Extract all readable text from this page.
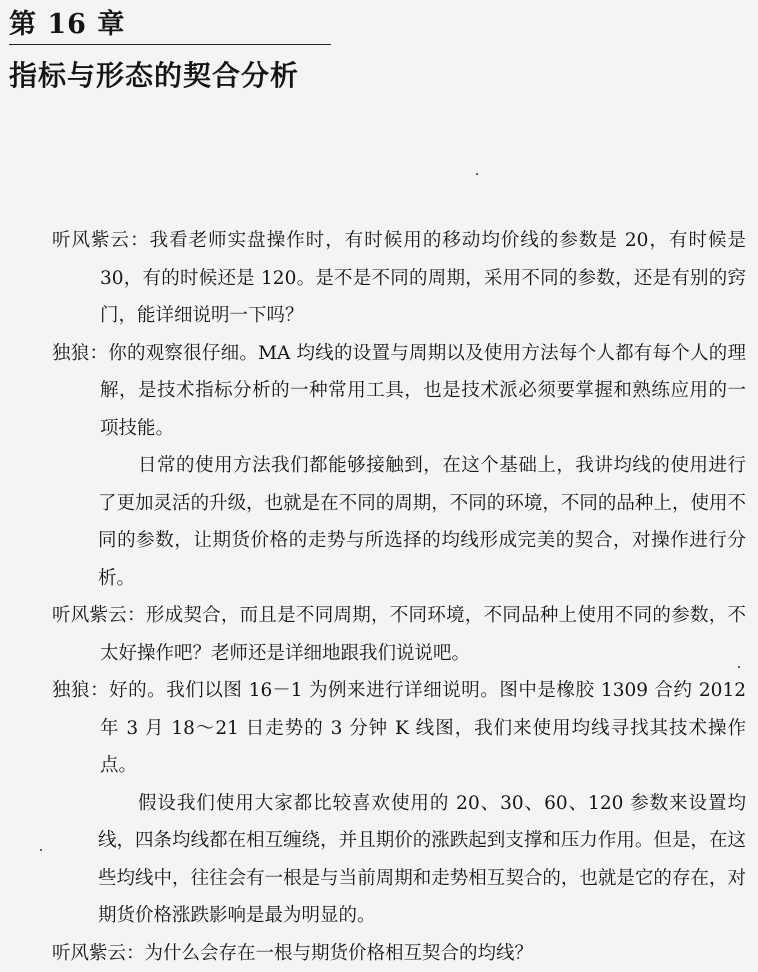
第 16 章
指标与形态的契合分析

听风紫云：我看老师实盘操作时，有时候用的移动均价线的参数是 20，有时候是 30，有的时候还是 120。是不是不同的周期，采用不同的参数，还是有别的窍门，能详细说明一下吗？

独狼：你的观察很仔细。MA 均线的设置与周期以及使用方法每个人都有每个人的理解，是技术指标分析的一种常用工具，也是技术派必须要掌握和熟练应用的一项技能。

日常的使用方法我们都能够接触到，在这个基础上，我讲均线的使用进行了更加灵活的升级，也就是在不同的周期，不同的环境，不同的品种上，使用不同的参数，让期货价格的走势与所选择的均线形成完美的契合，对操作进行分析。

听风紫云：形成契合，而且是不同周期，不同环境，不同品种上使用不同的参数，不太好操作吧？老师还是详细地跟我们说说吧。

独狼：好的。我们以图 16－1 为例来进行详细说明。图中是橡胶 1309 合约 2012 年 3 月 18～21 日走势的 3 分钟 K 线图，我们来使用均线寻找其技术操作点。

假设我们使用大家都比较喜欢使用的 20、30、60、120 参数来设置均线，四条均线都在相互缠绕，并且期价的涨跌起到支撑和压力作用。但是，在这些均线中，往往会有一根是与当前周期和走势相互契合的，也就是它的存在，对期货价格涨跌影响是最为明显的。

听风紫云：为什么会存在一根与期货价格相互契合的均线？
